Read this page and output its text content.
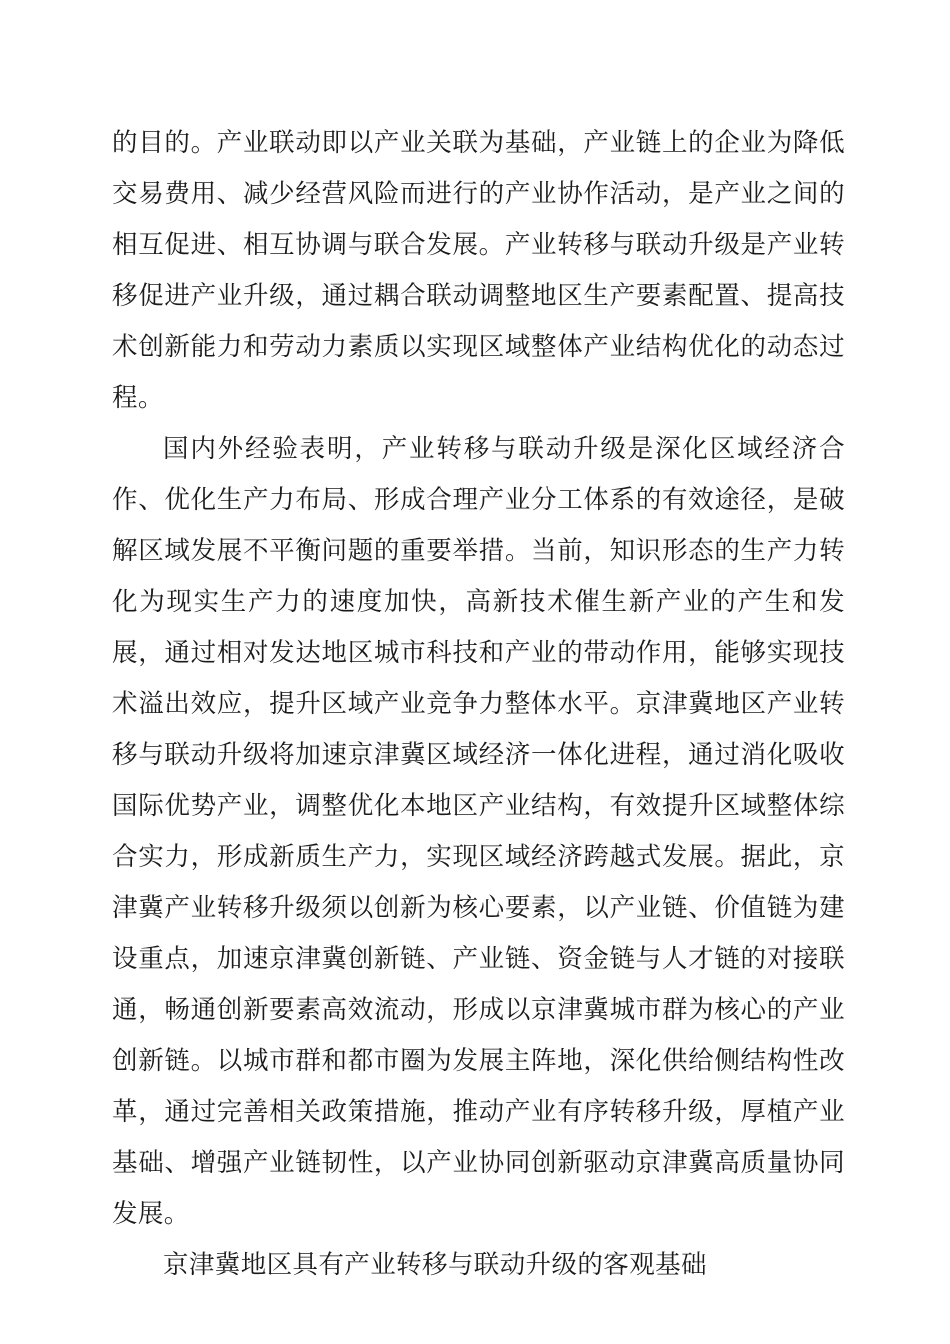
的目的。产业联动即以产业关联为基础，产业链上的企业为降低交易费用、减少经营风险而进行的产业协作活动，是产业之间的相互促进、相互协调与联合发展。产业转移与联动升级是产业转移促进产业升级，通过耦合联动调整地区生产要素配置、提高技术创新能力和劳动力素质以实现区域整体产业结构优化的动态过程。

国内外经验表明，产业转移与联动升级是深化区域经济合作、优化生产力布局、形成合理产业分工体系的有效途径，是破解区域发展不平衡问题的重要举措。当前，知识形态的生产力转化为现实生产力的速度加快，高新技术催生新产业的产生和发展，通过相对发达地区城市科技和产业的带动作用，能够实现技术溢出效应，提升区域产业竞争力整体水平。京津冀地区产业转移与联动升级将加速京津冀区域经济一体化进程，通过消化吸收国际优势产业，调整优化本地区产业结构，有效提升区域整体综合实力，形成新质生产力，实现区域经济跨越式发展。据此，京津冀产业转移升级须以创新为核心要素，以产业链、价值链为建设重点，加速京津冀创新链、产业链、资金链与人才链的对接联通，畅通创新要素高效流动，形成以京津冀城市群为核心的产业创新链。以城市群和都市圈为发展主阵地，深化供给侧结构性改革，通过完善相关政策措施，推动产业有序转移升级，厚植产业基础、增强产业链韧性，以产业协同创新驱动京津冀高质量协同发展。

京津冀地区具有产业转移与联动升级的客观基础
